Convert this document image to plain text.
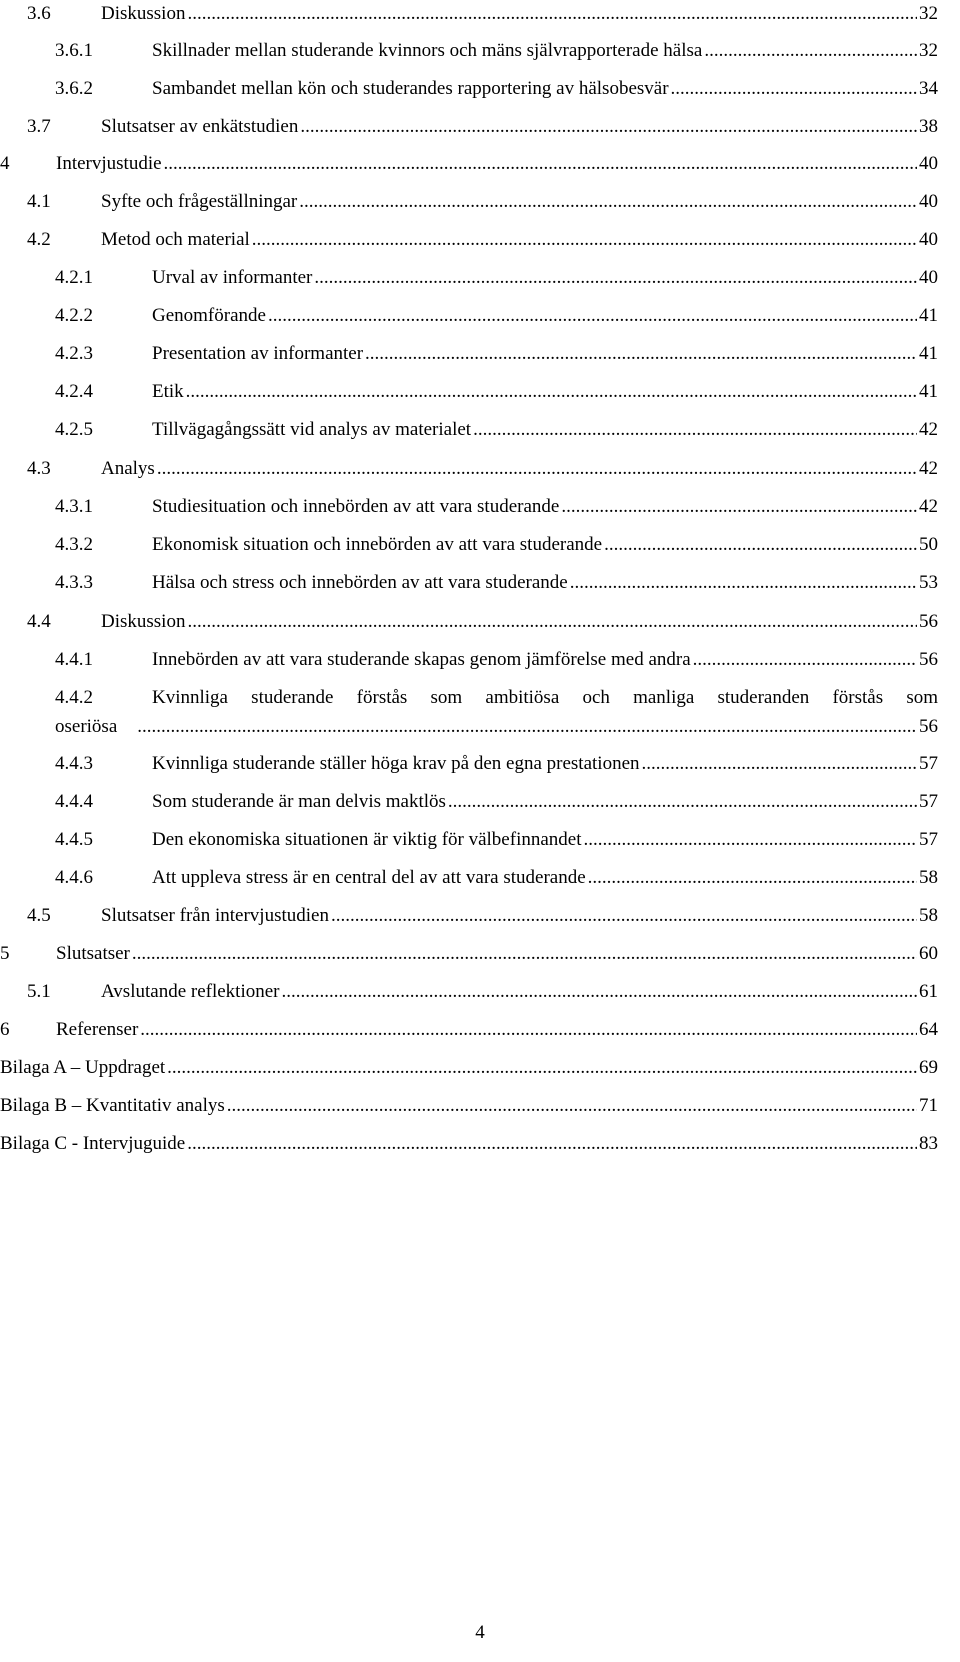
3.6	Diskussion .....	32
3.6.1	Skillnader mellan studerande kvinnors och mäns självrapporterade hälsa .....	32
3.6.2	Sambandet mellan kön och studerandes rapportering av hälsobesvär .....	34
3.7	Slutsatser av enkätstudien .....	38
4 Intervjustudie .....	40
4.1	Syfte och frågeställningar .....	40
4.2	Metod och material .....	40
4.2.1	Urval av informanter .....	40
4.2.2	Genomförande .....	41
4.2.3	Presentation av informanter .....	41
4.2.4	Etik .....	41
4.2.5	Tillvägagångssätt vid analys av materialet .....	42
4.3	Analys .....	42
4.3.1	Studiesituation och innebörden av att vara studerande .....	42
4.3.2	Ekonomisk situation och innebörden av att vara studerande .....	50
4.3.3	Hälsa och stress och innebörden av att vara studerande .....	53
4.4	Diskussion .....	56
4.4.1	Innebörden av att vara studerande skapas genom jämförelse med andra .....	56
4.4.2	Kvinnliga studerande förstås som ambitiösa och manliga studeranden förstås som
oseriösa .....	56
4.4.3	Kvinnliga studerande ställer höga krav på den egna prestationen .....	57
4.4.4	Som studerande är man delvis maktlös .....	57
4.4.5	Den ekonomiska situationen är viktig för välbefinnandet .....	57
4.4.6	Att uppleva stress är en central del av att vara studerande .....	58
4.5	Slutsatser från intervjustudien .....	58
5 Slutsatser .....	60
5.1	Avslutande reflektioner .....	61
6 Referenser .....	64
Bilaga A – Uppdraget .....	69
Bilaga B – Kvantitativ analys .....	71
Bilaga C - Intervjuguide .....	83
4
